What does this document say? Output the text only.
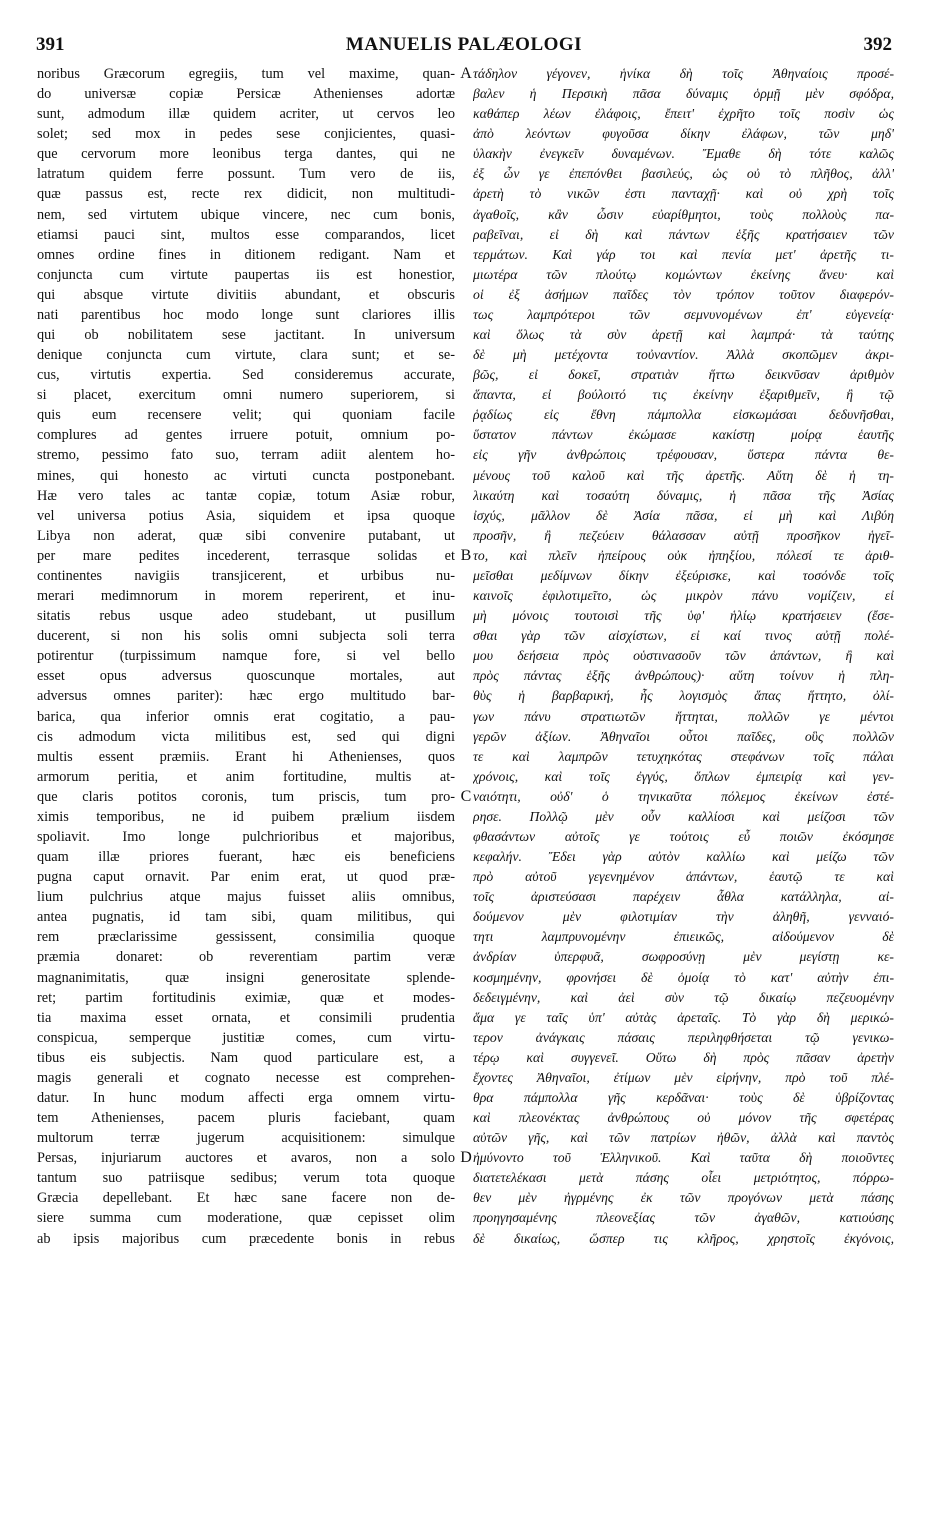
391	MANUELIS PALÆOLOGI	392
noribus Græcorum egregiis, tum vel maxime, quan-
do universæ copiæ Persicæ Athenienses adortæ
sunt, admodum illæ quidem acriter, ut cervos leo
solet; sed mox in pedes sese conjicientes, quasi-
que cervorum more leonibus terga dantes, qui ne
latratum quidem ferre possunt. Tum vero de iis,
quæ passus est, recte rex didicit, non multitudi-
nem, sed virtutem ubique vincere, nec cum bonis,
etiamsi pauci sint, multos esse comparandos, licet
omnes ordine fines in ditionem redigant. Nam et
conjuncta cum virtute paupertas iis est honestior,
qui absque virtute divitiis abundant, et obscuris
nati parentibus hoc modo longe sunt clariores illis
qui ob nobilitatem sese jactitant. In universum
denique conjuncta cum virtute, clara sunt; et se-
cus, virtutis expertia. Sed consideremus accurate,
si placet, exercitum omni numero superiorem, si
quis eum recensere velit; qui quoniam facile
complures ad gentes irruere potuit, omnium po-
stremo, pessimo fato suo, terram adiit alentem ho-
mines, qui honesto ac virtuti cuncta postponebant.
Hæ vero tales ac tantæ copiæ, totum Asiæ robur,
vel universa potius Asia, siquidem et ipsa quoque
Libya non aderat, quæ sibi convenire putabant, ut
per mare pedites incederent, terrasque solidas et
continentes navigiis transjicerent, et urbibus nu-
merari medimnorum in morem reperirent, et inu-
sitatis rebus usque adeo studebant, ut pusillum
ducerent, si non his solis omni subjecta soli terra
potirentur (turpissimum namque fore, si vel bello
esset opus adversus quoscunque mortales, aut
adversus omnes pariter): hæc ergo multitudo bar-
barica, qua inferior omnis erat cogitatio, a pau-
cis admodum victa militibus est, sed qui digni
multis essent præmiis. Erant hi Athenienses, quos
armorum peritia, et anim fortitudine, multis at-
que claris potitos coronis, tum priscis, tum pro-
ximis temporibus, ne id puibem prælium iisdem
spoliavit. Imo longe pulchrioribus et majoribus,
quam illæ priores fuerant, hæc eis beneficiens
pugna caput ornavit. Par enim erat, ut quod præ-
lium pulchrius atque majus fuisset aliis omnibus,
antea pugnatis, id tam sibi, quam militibus, qui
rem præclarissime gessissent, consimilia quoque
præmia donaret: ob reverentiam partim veræ
magnanimitatis, quæ insigni generositate splende-
ret; partim fortitudinis eximiæ, quæ et modes-
tia maxima esset ornata, et consimili prudentia
conspicua, semperque justitiæ comes, cum virtu-
tibus eis subjectis. Nam quod particulare est, a
magis generali et cognato necesse est comprehen-
datur. In hunc modum affecti erga omnem virtu-
tem Athenienses, pacem pluris faciebant, quam
multorum terræ jugerum acquisitionem: simulque
Persas, injuriarum auctores et avaros, non a solo
tantum suo patriisque sedibus; verum tota quoque
Græcia depellebant. Et hæc sane facere non de-
siere summa cum moderatione, quæ cepisset olim
ab ipsis majoribus cum præcedente bonis in rebus
A
B
C
D
τάδηλον γέγονεν, ἡνίκα δὴ τοῖς Ἀθηναίοις προσέ-
βαλεν ἡ Περσικὴ πᾶσα δύναμις ὁρμῇ μὲν σφόδρα,
καθάπερ λέων ἐλάφοις, ἔπειτ' ἐχρῆτο τοῖς ποσὶν ὡς
ἀπὸ λεόντων φυγοῦσα δίκην ἐλάφων, τῶν μηδ'
ὑλακὴν ἐνεγκεῖν δυναμένων. Ἔμαθε δὴ τότε καλῶς
ἐξ ὧν γε ἐπεπόνθει βασιλεύς, ὡς οὐ τὸ πλῆθος, ἀλλ'
ἀρετὴ τὸ νικῶν ἐστι πανταχῇ· καὶ οὐ χρὴ τοῖς
ἀγαθοῖς, κἂν ὦσιν εὐαρίθμητοι, τοὺς πολλοὺς πα-
ραβεῖναι, εἰ δὴ καὶ πάντων ἑξῆς κρατήσαιεν τῶν
τερμάτων. Καὶ γάρ τοι καὶ πενία μετ' ἀρετῆς τι-
μιωτέρα τῶν πλούτῳ κομώντων ἐκείνης ἄνευ· καὶ
οἱ ἐξ ἀσήμων παῖδες τὸν τρόπον τοῦτον διαφερόν-
τως λαμπρότεροι τῶν σεμνυνομένων ἐπ' εὐγενείᾳ·
καὶ ὅλως τὰ σὺν ἀρετῇ καὶ λαμπρά· τὰ ταύτης
δὲ μὴ μετέχοντα τοὐναντίον. Ἀλλὰ σκοπῶμεν ἀκρι-
βῶς, εἰ δοκεῖ, στρατιὰν ἥττω δεικνῦσαν ἀριθμὸν
ἅπαντα, εἰ βούλοιτό τις ἐκείνην ἐξαριθμεῖν, ἢ τῷ
ῥᾳδίως εἰς ἔθνη πάμπολλα εἰσκωμάσαι δεδυνῆσθαι,
ὕστατον πάντων ἐκώμασε κακίστῃ μοίρᾳ ἑαυτῆς
εἰς γῆν ἀνθρώποις τρέφουσαν, ὕστερα πάντα θε-
μένους τοῦ καλοῦ καὶ τῆς ἀρετῆς. Αὕτη δὲ ἡ τη-
λικαύτη καὶ τοσαύτη δύναμις, ἡ πᾶσα τῆς Ἀσίας
ἰσχύς, μᾶλλον δὲ Ἀσία πᾶσα, εἰ μὴ καὶ Λιβύη
προσῆν, ἢ πεζεύειν θάλασσαν αὐτῇ προσῆκον ἡγεῖ-
το, καὶ πλεῖν ἠπείρους οὐκ ἠπηξίου, πόλεσί τε ἀριθ-
μεῖσθαι μεδίμνων δίκην ἐξεύρισκε, καὶ τοσόνδε τοῖς
καινοῖς ἐφιλοτιμεῖτο, ὡς μικρὸν πάνυ νομίζειν, εἰ
μὴ μόνοις τουτοισὶ τῆς ὑφ' ἡλίῳ κρατήσειεν (ἔσε-
σθαι γὰρ τῶν αἰσχίστων, εἰ καί τινος αὐτῇ πολέ-
μου δεήσεια πρὸς οὑστινασοῦν τῶν ἁπάντων, ἢ καὶ
πρὸς πάντας ἑξῆς ἀνθρώπους)· αὕτη τοίνυν ἡ πλη-
θὺς ἡ βαρβαρική, ἧς λογισμὸς ἅπας ἥττητο, ὀλί-
γων πάνυ στρατιωτῶν ἥττηται, πολλῶν γε μέντοι
γερῶν ἀξίων. Ἀθηναῖοι οὗτοι παῖδες, οὓς πολλῶν
τε καὶ λαμπρῶν τετυχηκότας στεφάνων τοῖς πάλαι
χρόνοις, καὶ τοῖς ἐγγύς, ὅπλων ἐμπειρίᾳ καὶ γεν-
ναιότητι, οὐδ' ὁ τηνικαῦτα πόλεμος ἐκείνων ἐστέ-
ρησε. Πολλῷ μὲν οὖν καλλίοσι καὶ μείζοσι τῶν
φθασάντων αὐτοῖς γε τούτοις εὖ ποιῶν ἐκόσμησε
κεφαλήν. Ἔδει γὰρ αὐτὸν καλλίω καὶ μείζω τῶν
πρὸ αὐτοῦ γεγενημένον ἁπάντων, ἑαυτῷ τε καὶ
τοῖς ἀριστεύσασι παρέχειν ἆθλα κατάλληλα, αἰ-
δούμενον μὲν φιλοτιμίαν τὴν ἀληθῆ, γενναιό-
τητι λαμπρυνομένην ἐπιεικῶς, αἰδούμενον δὲ
ἀνδρίαν ὑπερφυᾶ, σωφροσύνῃ μὲν μεγίστῃ κε-
κοσμημένην, φρονήσει δὲ ὁμοίᾳ τὸ κατ' αὐτὴν ἐπι-
δεδειγμένην, καὶ ἀεὶ σὺν τῷ δικαίῳ πεζευομένην
ἅμα γε ταῖς ὑπ' αὐτὰς ἀρεταῖς. Τὸ γὰρ δὴ μερικώ-
τερον ἀνάγκαις πάσαις περιληφθήσεται τῷ γενικω-
τέρῳ καὶ συγγενεῖ. Οὕτω δὴ πρὸς πᾶσαν ἀρετὴν
ἔχοντες Ἀθηναῖοι, ἐτίμων μὲν εἰρήνην, πρὸ τοῦ πλέ-
θρα πάμπολλα γῆς κερδᾶναι· τοὺς δὲ ὑβρίζοντας
καὶ πλεονέκτας ἀνθρώπους οὐ μόνον τῆς σφετέρας
αὐτῶν γῆς, καὶ τῶν πατρίων ἠθῶν, ἀλλὰ καὶ παντὸς
ἠμύνοντο τοῦ Ἑλληνικοῦ. Καὶ ταῦτα δὴ ποιοῦντες
διατετελέκασι μετὰ πάσης οἶει μετριότητος, πόρρω-
θεν μὲν ἠγρμένης ἐκ τῶν προγόνων μετὰ πάσης
προηγησαμένης πλεονεξίας τῶν ἀγαθῶν, κατιούσης
δὲ δικαίως, ὥσπερ τις κλῆρος, χρηστοῖς ἐκγόνοις,
